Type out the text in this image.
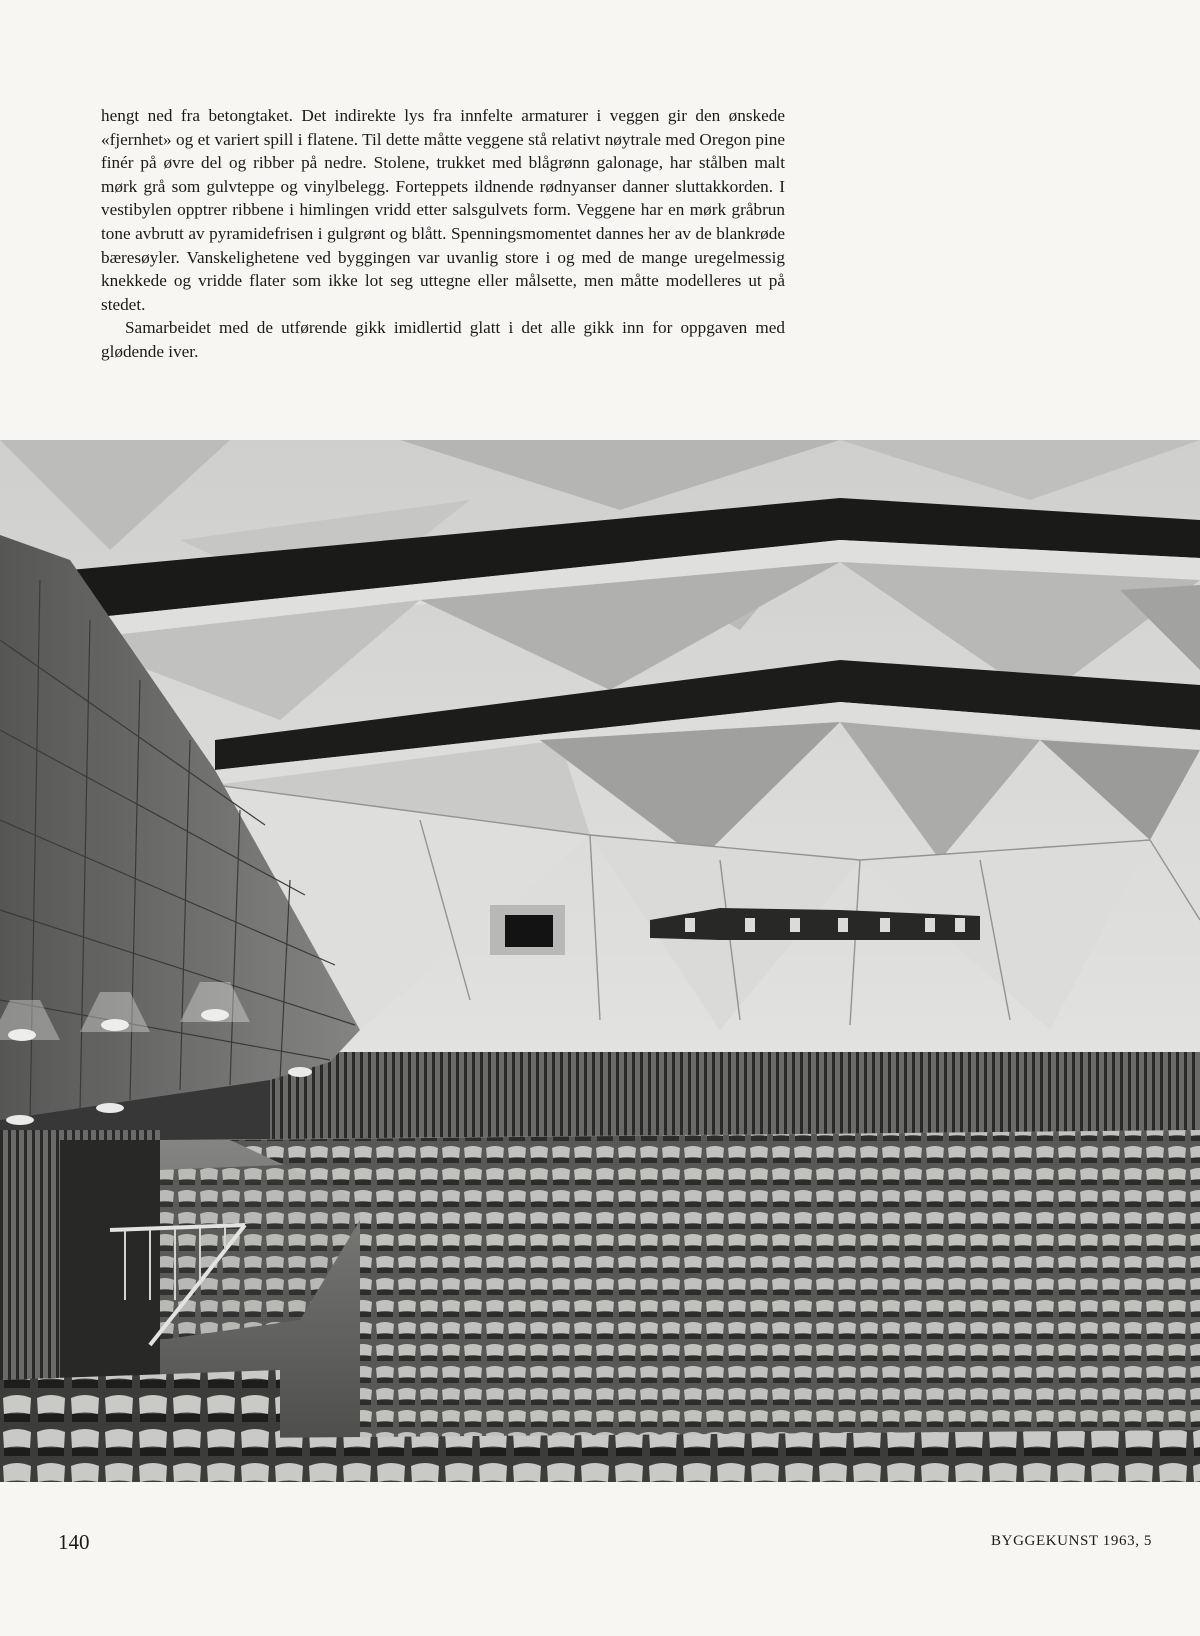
hengt ned fra betongtaket. Det indirekte lys fra innfelte armaturer i veggen gir den ønskede «fjernhet» og et variert spill i flatene. Til dette måtte veggene stå relativt nøytrale med Oregon pine finér på øvre del og ribber på nedre. Stolene, trukket med blågrønn galonage, har stålben malt mørk grå som gulvteppe og vinylbelegg. Forteppets ildnende rødnyanser danner sluttakkorden. I vestibylen opptrer ribbene i himlingen vridd etter salsgulvets form. Veggene har en mørk gråbrun tone avbrutt av pyramidefrisen i gulgrønt og blått. Spenningsmomentet dannes her av de blankrøde bæresøyler. Vanskelighetene ved byggingen var uvanlig store i og med de mange uregelmessig knekkede og vridde flater som ikke lot seg uttegne eller målsette, men måtte modelleres ut på stedet.

Samarbeidet med de utførende gikk imidlertid glatt i det alle gikk inn for oppgaven med glødende iver.

140	BYGGEKUNST 1963, 5
